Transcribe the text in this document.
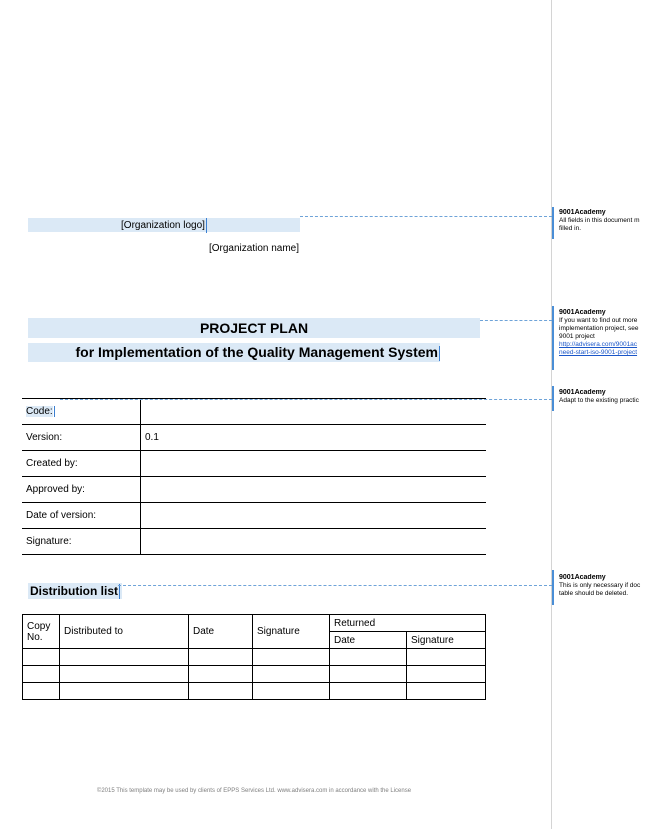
[Organization logo]
[Organization name]
PROJECT PLAN
for Implementation of the Quality Management System
Code:	
Version:	0.1
Created by:	
Approved by:	
Date of version:	
Signature:	
Distribution list
Copy No.	Distributed to	Date	Signature	Returned	
				Date	Signature

©2015 This template may be used by clients of EPPS Services Ltd. www.advisera.com in accordance with the License
9001Academy
All fields in this document m
filled in.
9001Academy
If you want to find out more
implementation project, see
9001 project
http://advisera.com/9001ac
need-start-iso-9001-project
9001Academy
Adapt to the existing practic
9001Academy
This is only necessary if doc
table should be deleted.
